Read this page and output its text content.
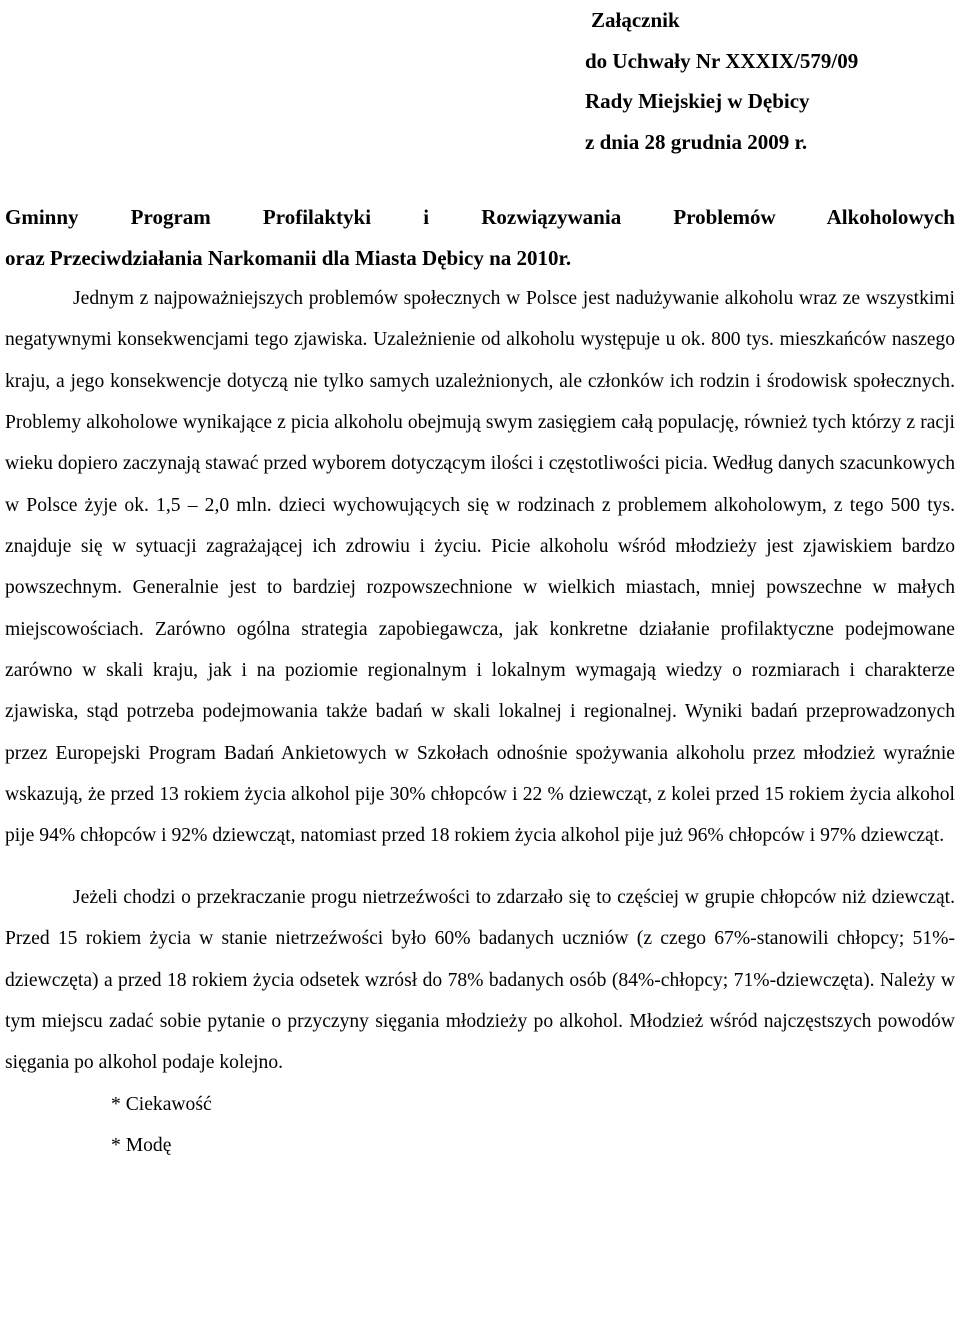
Załącznik
do Uchwały Nr XXXIX/579/09
Rady Miejskiej w Dębicy
z dnia 28 grudnia 2009 r.
Gminny Program Profilaktyki i Rozwiązywania Problemów Alkoholowych
oraz Przeciwdziałania Narkomanii dla Miasta Dębicy na 2010r.

Jednym z najpoważniejszych problemów społecznych w Polsce jest nadużywanie alkoholu wraz ze wszystkimi negatywnymi konsekwencjami tego zjawiska. Uzależnienie od alkoholu występuje u ok. 800 tys. mieszkańców naszego kraju, a jego konsekwencje dotyczą nie tylko samych uzależnionych, ale członków ich rodzin i środowisk społecznych. Problemy alkoholowe wynikające z picia alkoholu obejmują swym zasięgiem całą populację, również tych którzy z racji wieku dopiero zaczynają stawać przed wyborem dotyczącym ilości i częstotliwości picia. Według danych szacunkowych w Polsce żyje ok. 1,5 – 2,0 mln. dzieci wychowujących się w rodzinach z problemem alkoholowym, z tego 500 tys. znajduje się w sytuacji zagrażającej ich zdrowiu i życiu. Picie alkoholu wśród młodzieży jest zjawiskiem bardzo powszechnym. Generalnie jest to bardziej rozpowszechnione w wielkich miastach, mniej powszechne w małych miejscowościach. Zarówno ogólna strategia zapobiegawcza, jak konkretne działanie profilaktyczne podejmowane zarówno w skali kraju, jak i na poziomie regionalnym i lokalnym wymagają wiedzy o rozmiarach i charakterze zjawiska, stąd potrzeba podejmowania także badań w skali lokalnej i regionalnej. Wyniki badań przeprowadzonych przez Europejski Program Badań Ankietowych w Szkołach odnośnie spożywania alkoholu przez młodzież wyraźnie wskazują, że przed 13 rokiem życia alkohol pije 30% chłopców i 22 % dziewcząt, z kolei przed 15 rokiem życia alkohol pije 94% chłopców i 92% dziewcząt, natomiast przed 18 rokiem życia alkohol pije już 96% chłopców i 97% dziewcząt.

Jeżeli chodzi o przekraczanie progu nietrzeźwości to zdarzało się to częściej w grupie chłopców niż dziewcząt. Przed 15 rokiem życia w stanie nietrzeźwości było 60% badanych uczniów (z czego 67%-stanowili chłopcy; 51%-dziewczęta) a przed 18 rokiem życia odsetek wzrósł do 78% badanych osób (84%-chłopcy; 71%-dziewczęta). Należy w tym miejscu zadać sobie pytanie o przyczyny sięgania młodzieży po alkohol. Młodzież wśród najczęstszych powodów sięgania po alkohol podaje kolejno.

* Ciekawość
* Modę
